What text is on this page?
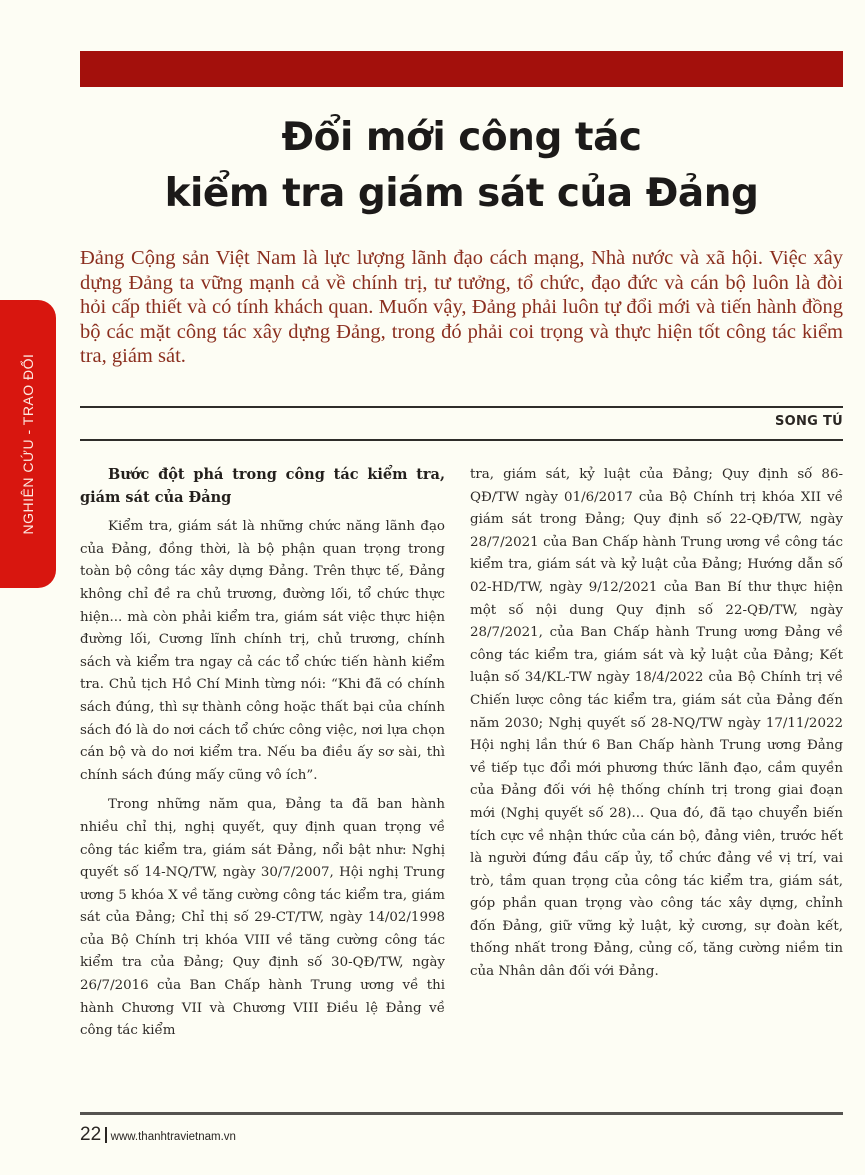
NGHIÊN CỨU - TRAO ĐỔI
Đổi mới công tác
kiểm tra giám sát của Đảng

Đảng Cộng sản Việt Nam là lực lượng lãnh đạo cách mạng, Nhà nước và xã hội. Việc xây dựng Đảng ta vững mạnh cả về chính trị, tư tưởng, tổ chức, đạo đức và cán bộ luôn là đòi hỏi cấp thiết và có tính khách quan. Muốn vậy, Đảng phải luôn tự đổi mới và tiến hành đồng bộ các mặt công tác xây dựng Đảng, trong đó phải coi trọng và thực hiện tốt công tác kiểm tra, giám sát.

SONG TÚ
Bước đột phá trong công tác kiểm tra, giám sát của Đảng

Kiểm tra, giám sát là những chức năng lãnh đạo của Đảng, đồng thời, là bộ phận quan trọng trong toàn bộ công tác xây dựng Đảng. Trên thực tế, Đảng không chỉ đề ra chủ trương, đường lối, tổ chức thực hiện... mà còn phải kiểm tra, giám sát việc thực hiện đường lối, Cương lĩnh chính trị, chủ trương, chính sách và kiểm tra ngay cả các tổ chức tiến hành kiểm tra. Chủ tịch Hồ Chí Minh từng nói: “Khi đã có chính sách đúng, thì sự thành công hoặc thất bại của chính sách đó là do nơi cách tổ chức công việc, nơi lựa chọn cán bộ và do nơi kiểm tra. Nếu ba điều ấy sơ sài, thì chính sách đúng mấy cũng vô ích”.

Trong những năm qua, Đảng ta đã ban hành nhiều chỉ thị, nghị quyết, quy định quan trọng về công tác kiểm tra, giám sát Đảng, nổi bật như: Nghị quyết số 14-NQ/TW, ngày 30/7/2007, Hội nghị Trung ương 5 khóa X về tăng cường công tác kiểm tra, giám sát của Đảng; Chỉ thị số 29-CT/TW, ngày 14/02/1998 của Bộ Chính trị khóa VIII về tăng cường công tác kiểm tra của Đảng; Quy định số 30-QĐ/TW, ngày 26/7/2016 của Ban Chấp hành Trung ương về thi hành Chương VII và Chương VIII Điều lệ Đảng về công tác kiểm

tra, giám sát, kỷ luật của Đảng; Quy định số 86-QĐ/TW ngày 01/6/2017 của Bộ Chính trị khóa XII về giám sát trong Đảng; Quy định số 22-QĐ/TW, ngày 28/7/2021 của Ban Chấp hành Trung ương về công tác kiểm tra, giám sát và kỷ luật của Đảng; Hướng dẫn số 02-HD/TW, ngày 9/12/2021 của Ban Bí thư thực hiện một số nội dung Quy định số 22-QĐ/TW, ngày 28/7/2021, của Ban Chấp hành Trung ương Đảng về công tác kiểm tra, giám sát và kỷ luật của Đảng; Kết luận số 34/KL-TW ngày 18/4/2022 của Bộ Chính trị về Chiến lược công tác kiểm tra, giám sát của Đảng đến năm 2030; Nghị quyết số 28-NQ/TW ngày 17/11/2022 Hội nghị lần thứ 6 Ban Chấp hành Trung ương Đảng về tiếp tục đổi mới phương thức lãnh đạo, cầm quyền của Đảng đối với hệ thống chính trị trong giai đoạn mới (Nghị quyết số 28)... Qua đó, đã tạo chuyển biến tích cực về nhận thức của cán bộ, đảng viên, trước hết là người đứng đầu cấp ủy, tổ chức đảng về vị trí, vai trò, tầm quan trọng của công tác kiểm tra, giám sát, góp phần quan trọng vào công tác xây dựng, chỉnh đốn Đảng, giữ vững kỷ luật, kỷ cương, sự đoàn kết, thống nhất trong Đảng, củng cố, tăng cường niềm tin của Nhân dân đối với Đảng.

22 www.thanhtravietnam.vn
